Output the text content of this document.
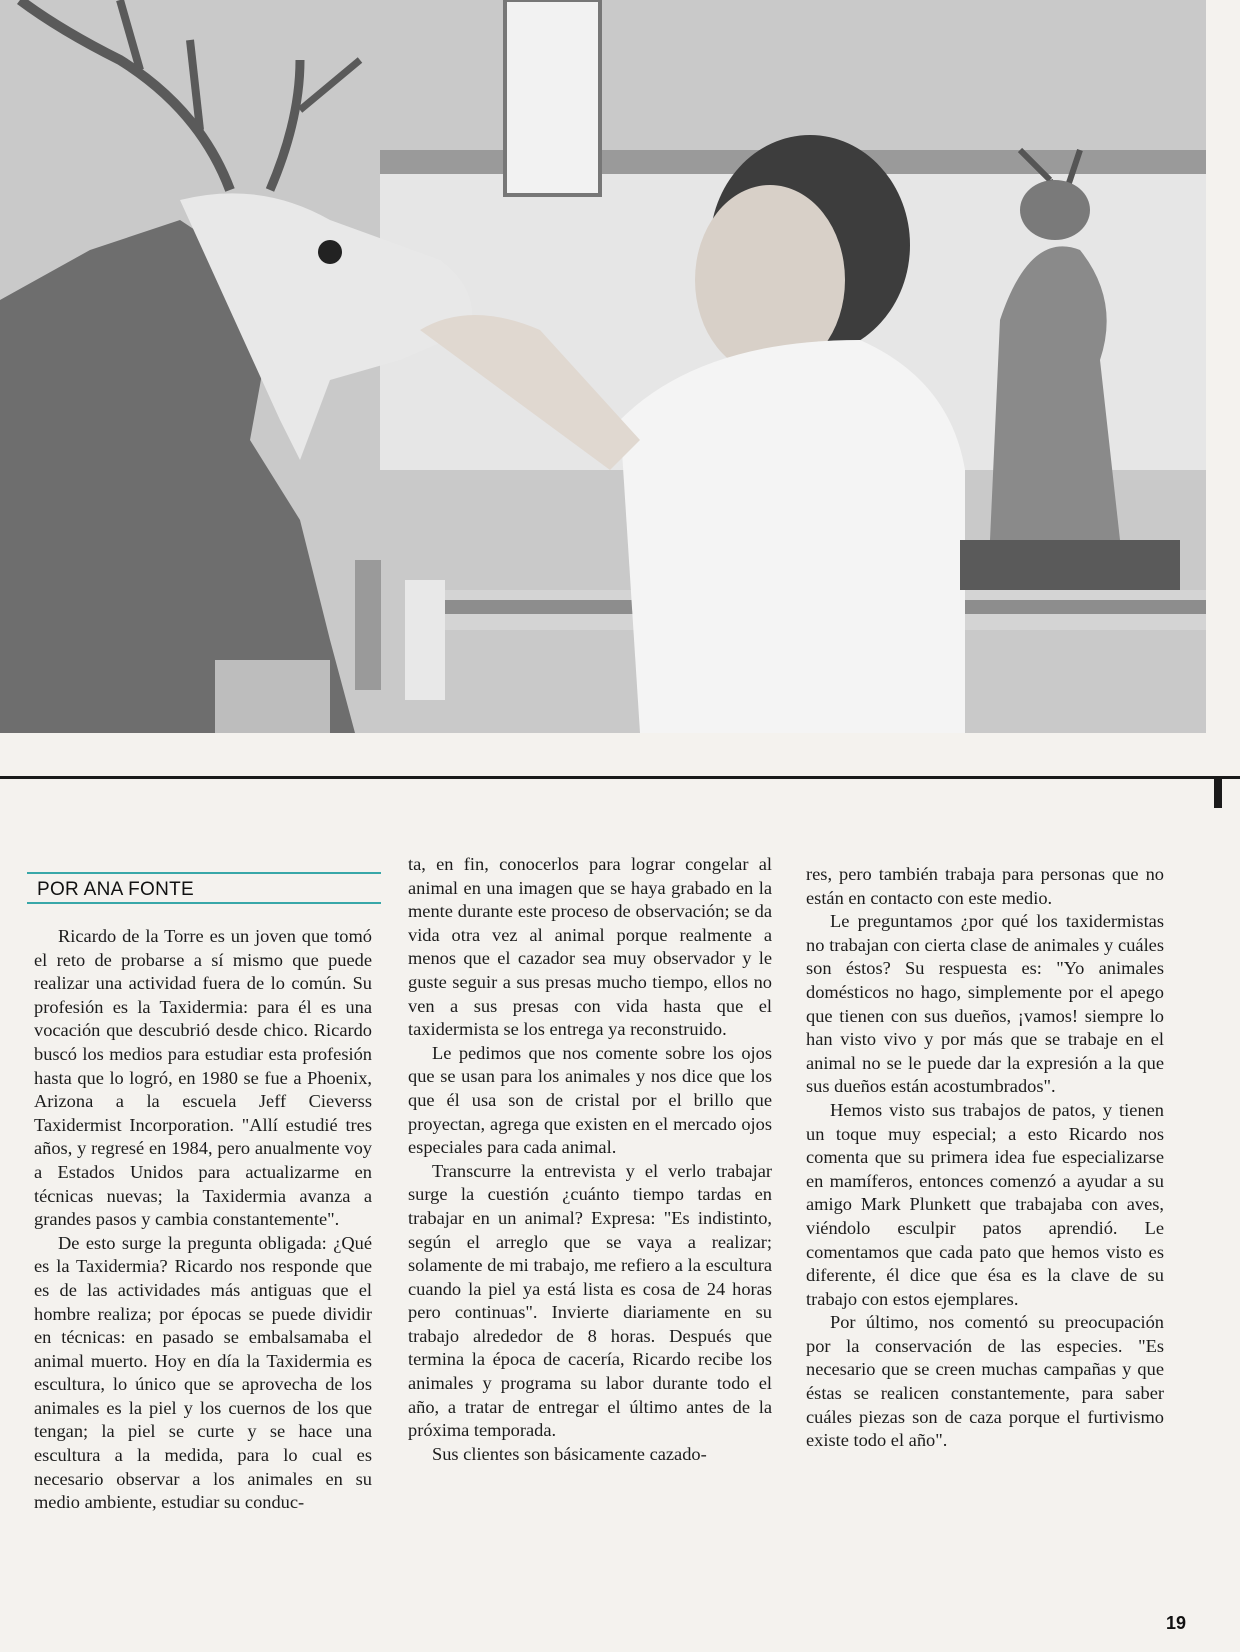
POR ANA FONTE

Ricardo de la Torre es un joven que tomó el reto de probarse a sí mismo que puede realizar una actividad fuera de lo común. Su profesión es la Taxidermia: para él es una vocación que descubrió desde chico. Ricardo buscó los medios para estudiar esta profesión hasta que lo logró, en 1980 se fue a Phoenix, Arizona a la escuela Jeff Cieverss Taxidermist Incorporation. "Allí estudié tres años, y regresé en 1984, pero anualmente voy a Estados Unidos para actualizarme en técnicas nuevas; la Taxidermia avanza a grandes pasos y cambia constantemente".

De esto surge la pregunta obligada: ¿Qué es la Taxidermia? Ricardo nos responde que es de las actividades más antiguas que el hombre realiza; por épocas se puede dividir en técnicas: en pasado se embalsamaba el animal muerto. Hoy en día la Taxidermia es escultura, lo único que se aprovecha de los animales es la piel y los cuernos de los que tengan; la piel se curte y se hace una escultura a la medida, para lo cual es necesario observar a los animales en su medio ambiente, estudiar su conduc-

ta, en fin, conocerlos para lograr congelar al animal en una imagen que se haya grabado en la mente durante este proceso de observación; se da vida otra vez al animal porque realmente a menos que el cazador sea muy observador y le guste seguir a sus presas mucho tiempo, ellos no ven a sus presas con vida hasta que el taxidermista se los entrega ya reconstruido.

Le pedimos que nos comente sobre los ojos que se usan para los animales y nos dice que los que él usa son de cristal por el brillo que proyectan, agrega que existen en el mercado ojos especiales para cada animal.

Transcurre la entrevista y el verlo trabajar surge la cuestión ¿cuánto tiempo tardas en trabajar en un animal? Expresa: "Es indistinto, según el arreglo que se vaya a realizar; solamente de mi trabajo, me refiero a la escultura cuando la piel ya está lista es cosa de 24 horas pero continuas". Invierte diariamente en su trabajo alrededor de 8 horas. Después que termina la época de cacería, Ricardo recibe los animales y programa su labor durante todo el año, a tratar de entregar el último antes de la próxima temporada.

Sus clientes son básicamente cazado-

res, pero también trabaja para personas que no están en contacto con este medio.

Le preguntamos ¿por qué los taxidermistas no trabajan con cierta clase de animales y cuáles son éstos? Su respuesta es: "Yo animales domésticos no hago, simplemente por el apego que tienen con sus dueños, ¡vamos! siempre lo han visto vivo y por más que se trabaje en el animal no se le puede dar la expresión a la que sus dueños están acostumbrados".

Hemos visto sus trabajos de patos, y tienen un toque muy especial; a esto Ricardo nos comenta que su primera idea fue especializarse en mamíferos, entonces comenzó a ayudar a su amigo Mark Plunkett que trabajaba con aves, viéndolo esculpir patos aprendió. Le comentamos que cada pato que hemos visto es diferente, él dice que ésa es la clave de su trabajo con estos ejemplares.

Por último, nos comentó su preocupación por la conservación de las especies. "Es necesario que se creen muchas campañas y que éstas se realicen constantemente, para saber cuáles piezas son de caza porque el furtivismo existe todo el año".

19
